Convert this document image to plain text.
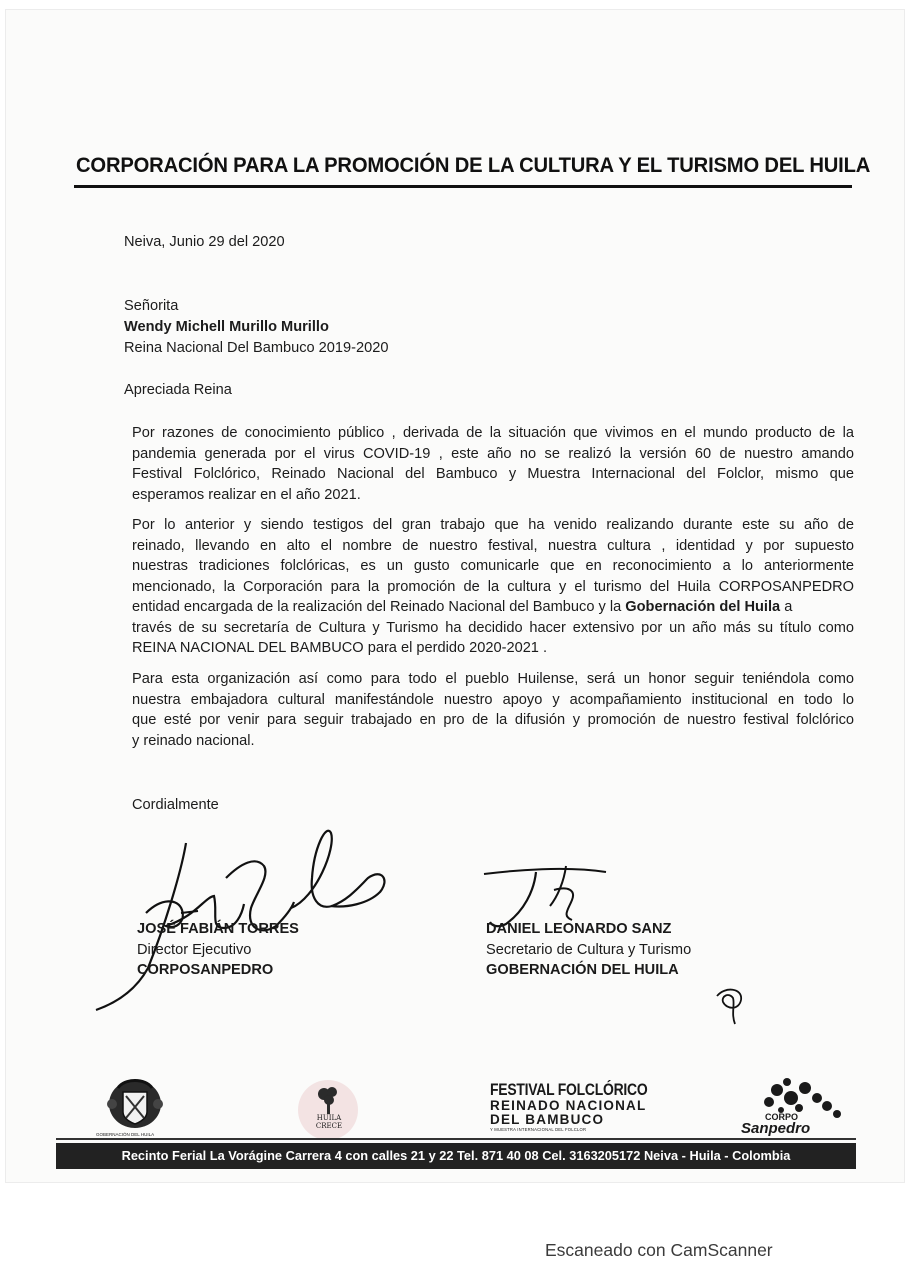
CORPORACIÓN PARA LA PROMOCIÓN DE LA CULTURA Y EL TURISMO DEL HUILA
Neiva, Junio 29 del 2020
Señorita
Wendy Michell Murillo Murillo
Reina Nacional Del Bambuco 2019-2020
Apreciada Reina
Por razones de conocimiento público , derivada de la situación que vivimos en el mundo producto de la
pandemia generada por el virus COVID-19 , este año no se realizó la versión 60 de nuestro amando
Festival Folclórico, Reinado Nacional del Bambuco y Muestra Internacional del Folclor, mismo que
esperamos realizar en el año 2021.
Por lo anterior y siendo testigos del gran trabajo que ha venido realizando durante este su año de
reinado, llevando en alto el nombre de nuestro festival, nuestra cultura , identidad y por supuesto
nuestras tradiciones folclóricas, es un gusto comunicarle que en reconocimiento a lo anteriormente
mencionado, la Corporación para la promoción de la cultura y el turismo del Huila CORPOSANPEDRO
entidad encargada de la realización del Reinado Nacional del Bambuco y la Gobernación del Huila a
través de su secretaría de Cultura y Turismo ha decidido hacer extensivo por un año más su título como
REINA NACIONAL DEL BAMBUCO para el perdido 2020-2021 .
Para esta organización así como para todo el pueblo Huilense, será un honor seguir teniéndola como
nuestra embajadora cultural manifestándole nuestro apoyo y acompañamiento institucional en todo lo
que esté por venir para seguir trabajado en pro de la difusión y promoción de nuestro festival folclórico
y reinado nacional.
Cordialmente
JOSÉ FABIÁN TORRES
Director Ejecutivo
CORPOSANPEDRO
DANIEL LEONARDO SANZ
Secretario de Cultura y Turismo
GOBERNACIÓN DEL HUILA
GOBERNACIÓN DEL HUILA
HUILA CRECE
FESTIVAL FOLCLÓRICO
REINADO NACIONAL
DEL BAMBUCO
Y MUESTRA INTERNACIONAL DEL FOLCLOR
CORPO
Sanpedro
Recinto Ferial La Vorágine Carrera 4 con calles 21 y 22 Tel. 871 40 08 Cel. 3163205172 Neiva - Huila - Colombia
Escaneado con CamScanner
